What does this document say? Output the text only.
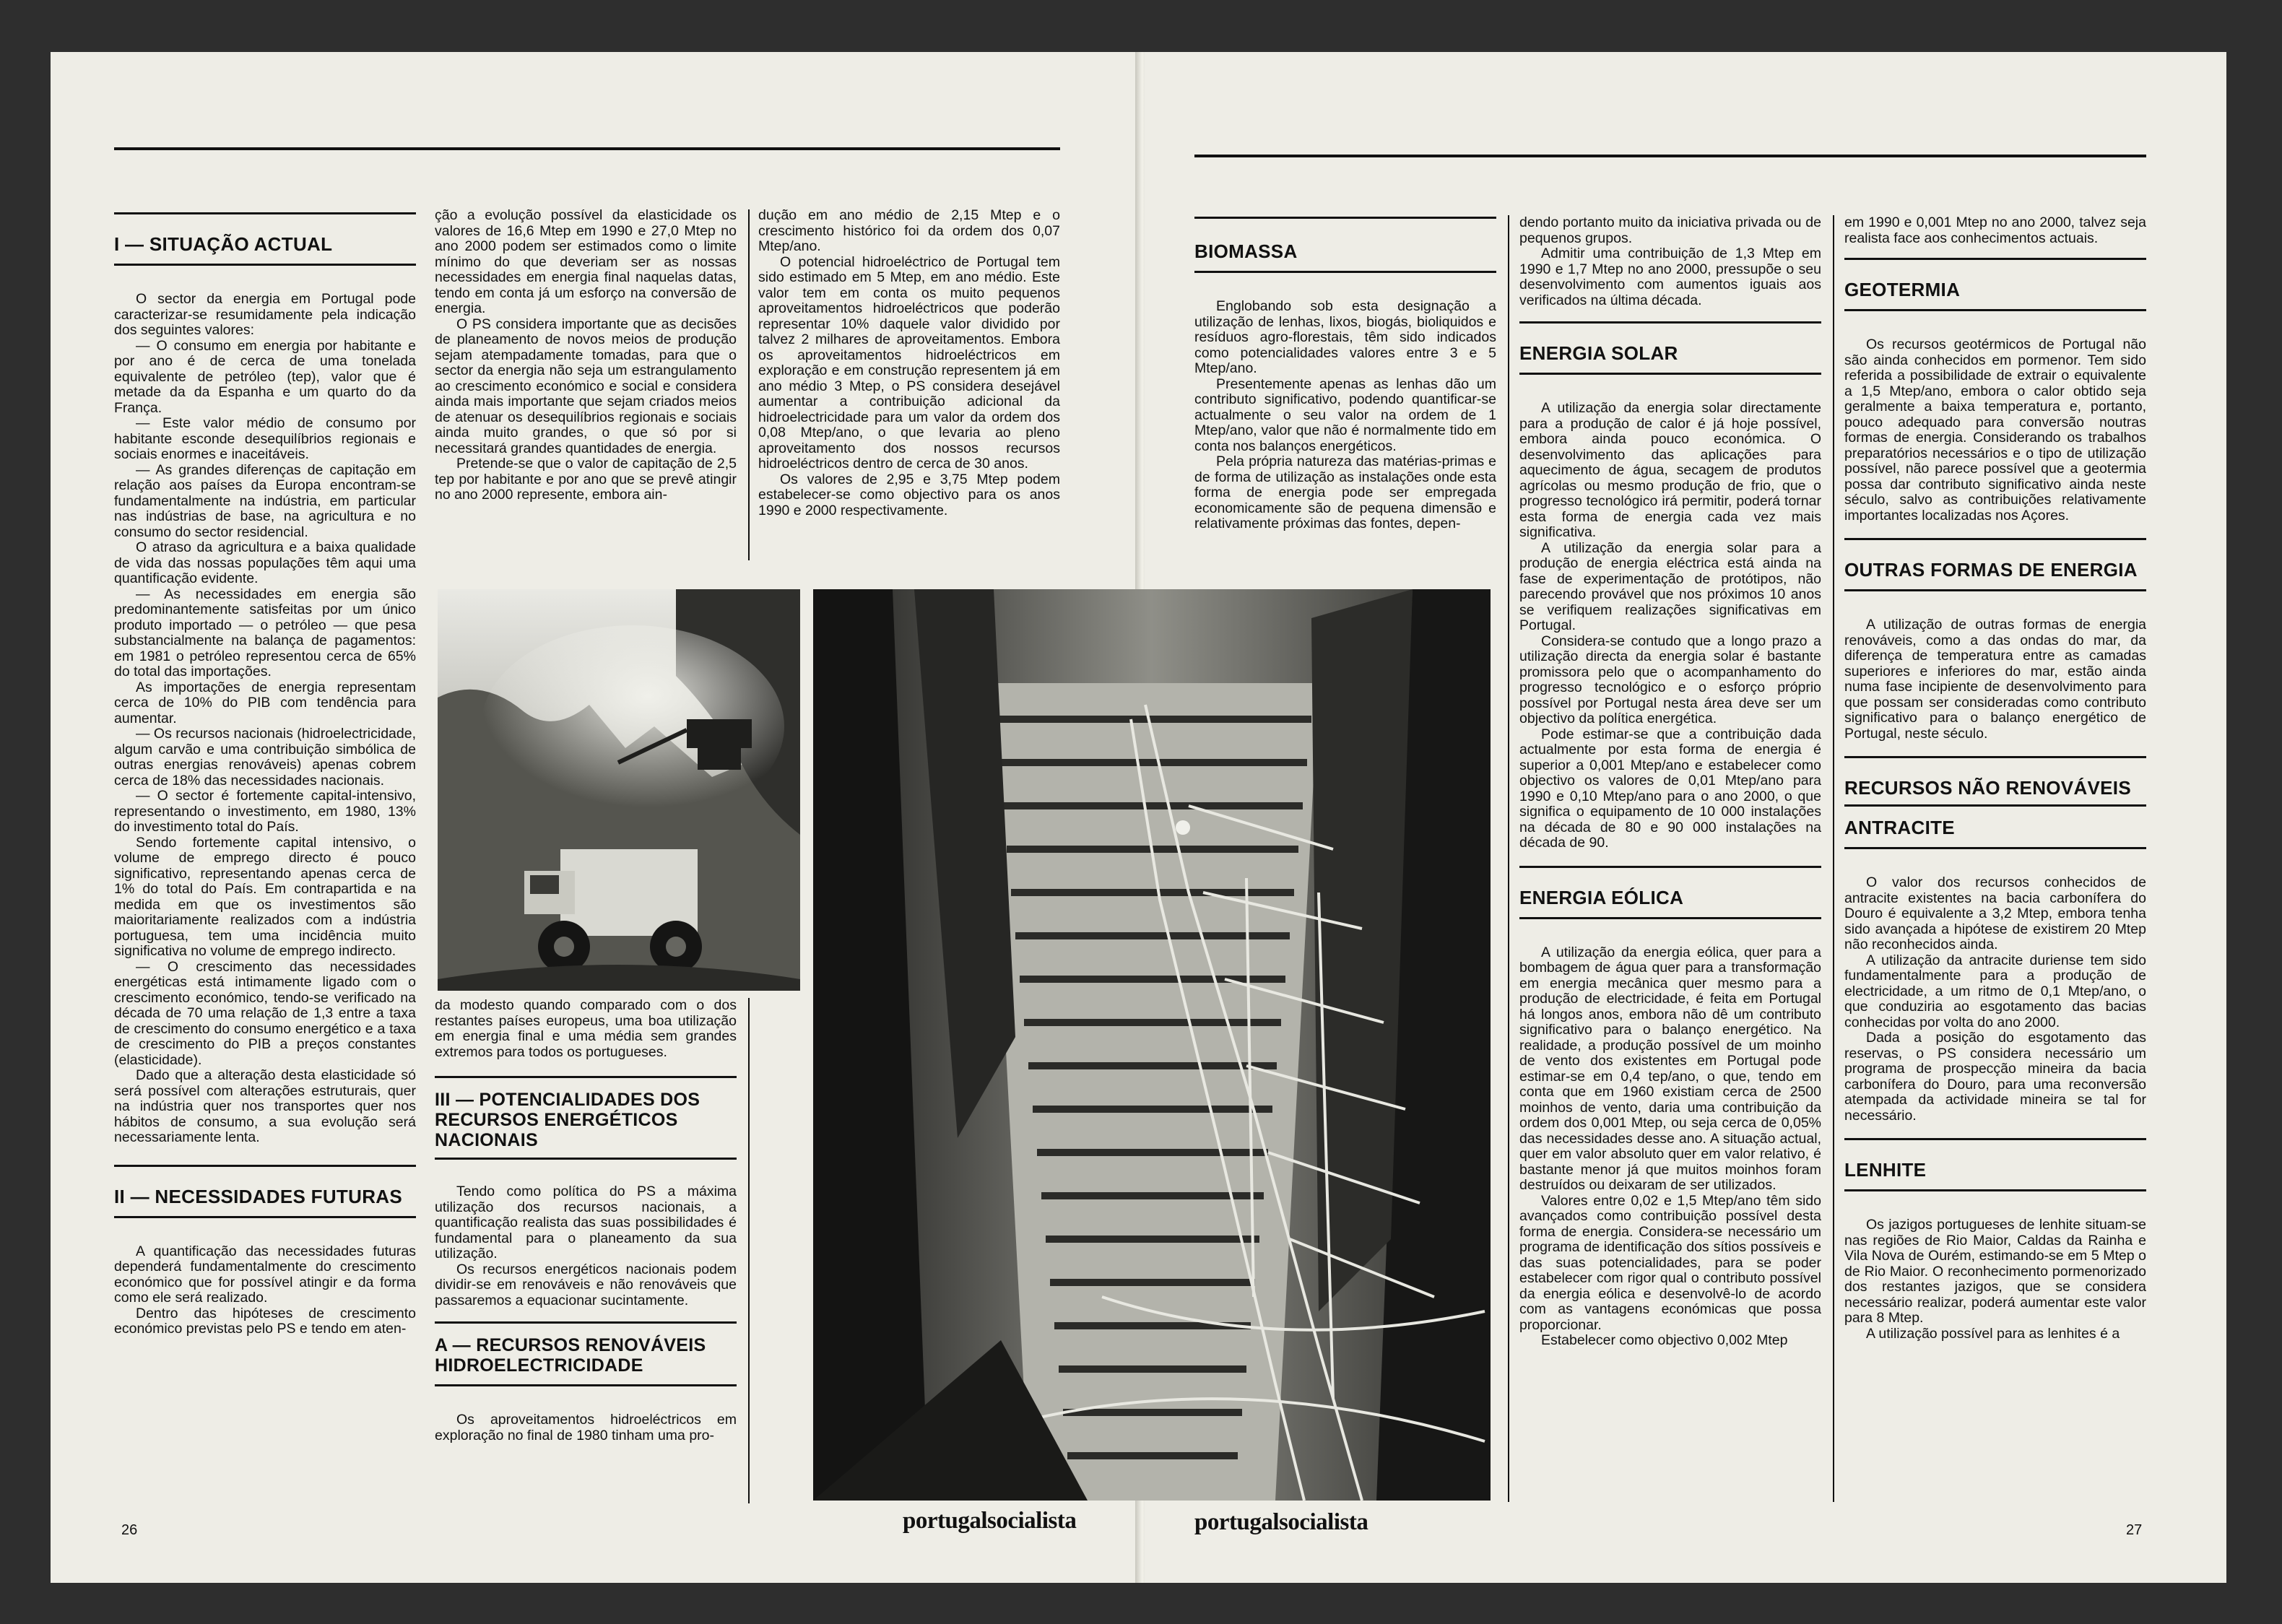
I — SITUAÇÃO ACTUAL

O sector da energia em Portugal pode caracterizar-se resumidamente pela indicação dos seguintes valores:

— O consumo em energia por habitante e por ano é de cerca de uma tonelada equivalente de petróleo (tep), valor que é metade da da Espanha e um quarto do da França.

— Este valor médio de consumo por habitante esconde desequilíbrios regionais e sociais enormes e inaceitáveis.

— As grandes diferenças de capitação em relação aos países da Europa encontram-se fundamentalmente na indústria, em particular nas indústrias de base, na agricultura e no consumo do sector residencial.

O atraso da agricultura e a baixa qualidade de vida das nossas populações têm aqui uma quantificação evidente.

— As necessidades em energia são predominantemente satisfeitas por um único produto importado — o petróleo — que pesa substancialmente na balança de pagamentos: em 1981 o petróleo representou cerca de 65% do total das importações.

As importações de energia representam cerca de 10% do PIB com tendência para aumentar.

— Os recursos nacionais (hidroelectricidade, algum carvão e uma contribuição simbólica de outras energias renováveis) apenas cobrem cerca de 18% das necessidades nacionais.

— O sector é fortemente capital-intensivo, representando o investimento, em 1980, 13% do investimento total do País.

Sendo fortemente capital intensivo, o volume de emprego directo é pouco significativo, representando apenas cerca de 1% do total do País. Em contrapartida e na medida em que os investimentos são maioritariamente realizados com a indústria portuguesa, tem uma incidência muito significativa no volume de emprego indirecto.

— O crescimento das necessidades energéticas está intimamente ligado com o crescimento económico, tendo-se verificado na década de 70 uma relação de 1,3 entre a taxa de crescimento do consumo energético e a taxa de crescimento do PIB a preços constantes (elasticidade).

Dado que a alteração desta elasticidade só será possível com alterações estruturais, quer na indústria quer nos transportes quer nos hábitos de consumo, a sua evolução será necessariamente lenta.

II — NECESSIDADES FUTURAS

A quantificação das necessidades futuras dependerá fundamentalmente do crescimento económico que for possível atingir e da forma como ele será realizado.

Dentro das hipóteses de crescimento económico previstas pelo PS e tendo em aten-

ção a evolução possível da elasticidade os valores de 16,6 Mtep em 1990 e 27,0 Mtep no ano 2000 podem ser estimados como o limite mínimo do que deveriam ser as nossas necessidades em energia final naquelas datas, tendo em conta já um esforço na conversão de energia.

O PS considera importante que as decisões de planeamento de novos meios de produção sejam atempadamente tomadas, para que o sector da energia não seja um estrangulamento ao crescimento económico e social e considera ainda mais importante que sejam criados meios de atenuar os desequilíbrios regionais e sociais ainda muito grandes, o que só por si necessitará grandes quantidades de energia.

Pretende-se que o valor de capitação de 2,5 tep por habitante e por ano que se prevê atingir no ano 2000 represente, embora ain-

dução em ano médio de 2,15 Mtep e o crescimento histórico foi da ordem dos 0,07 Mtep/ano.

O potencial hidroeléctrico de Portugal tem sido estimado em 5 Mtep, em ano médio. Este valor tem em conta os muito pequenos aproveitamentos hidroeléctricos que poderão representar 10% daquele valor dividido por talvez 2 milhares de aproveitamentos. Embora os aproveitamentos hidroeléctricos em exploração e em construção representem já em ano médio 3 Mtep, o PS considera desejável aumentar a contribuição adicional da hidroelectricidade para um valor da ordem dos 0,08 Mtep/ano, o que levaria ao pleno aproveitamento dos nossos recursos hidroeléctricos dentro de cerca de 30 anos.

Os valores de 2,95 e 3,75 Mtep podem estabelecer-se como objectivo para os anos 1990 e 2000 respectivamente.

da modesto quando comparado com o dos restantes países europeus, uma boa utilização em energia final e uma média sem grandes extremos para todos os portugueses.

III — POTENCIALIDADES DOS RECURSOS ENERGÉTICOS NACIONAIS

Tendo como política do PS a máxima utilização dos recursos nacionais, a quantificação realista das suas possibilidades é fundamental para o planeamento da sua utilização.

Os recursos energéticos nacionais podem dividir-se em renováveis e não renováveis que passaremos a equacionar sucintamente.

A — RECURSOS RENOVÁVEIS HIDROELECTRICIDADE

Os aproveitamentos hidroeléctricos em exploração no final de 1980 tinham uma pro-

26	portugalsocialista
BIOMASSA

Englobando sob esta designação a utilização de lenhas, lixos, biogás, bioliquidos e resíduos agro-florestais, têm sido indicados como potencialidades valores entre 3 e 5 Mtep/ano.

Presentemente apenas as lenhas dão um contributo significativo, podendo quantificar-se actualmente o seu valor na ordem de 1 Mtep/ano, valor que não é normalmente tido em conta nos balanços energéticos.

Pela própria natureza das matérias-primas e de forma de utilização as instalações onde esta forma de energia pode ser empregada economicamente são de pequena dimensão e relativamente próximas das fontes, depen-

dendo portanto muito da iniciativa privada ou de pequenos grupos.

Admitir uma contribuição de 1,3 Mtep em 1990 e 1,7 Mtep no ano 2000, pressupõe o seu desenvolvimento com aumentos iguais aos verificados na última década.

ENERGIA SOLAR

A utilização da energia solar directamente para a produção de calor é já hoje possível, embora ainda pouco económica. O desenvolvimento das aplicações para aquecimento de água, secagem de produtos agrícolas ou mesmo produção de frio, que o progresso tecnológico irá permitir, poderá tornar esta forma de energia cada vez mais significativa.

A utilização da energia solar para a produção de energia eléctrica está ainda na fase de experimentação de protótipos, não parecendo provável que nos próximos 10 anos se verifiquem realizações significativas em Portugal.

Considera-se contudo que a longo prazo a utilização directa da energia solar é bastante promissora pelo que o acompanhamento do progresso tecnológico e o esforço próprio possível por Portugal nesta área deve ser um objectivo da política energética.

Pode estimar-se que a contribuição dada actualmente por esta forma de energia é superior a 0,001 Mtep/ano e estabelecer como objectivo os valores de 0,01 Mtep/ano para 1990 e 0,10 Mtep/ano para o ano 2000, o que significa o equipamento de 10 000 instalações na década de 80 e 90 000 instalações na década de 90.

ENERGIA EÓLICA

A utilização da energia eólica, quer para a bombagem de água quer para a transformação em energia mecânica quer mesmo para a produção de electricidade, é feita em Portugal há longos anos, embora não dê um contributo significativo para o balanço energético. Na realidade, a produção possível de um moinho de vento dos existentes em Portugal pode estimar-se em 0,4 tep/ano, o que, tendo em conta que em 1960 existiam cerca de 2500 moinhos de vento, daria uma contribuição da ordem dos 0,001 Mtep, ou seja cerca de 0,05% das necessidades desse ano. A situação actual, quer em valor absoluto quer em valor relativo, é bastante menor já que muitos moinhos foram destruídos ou deixaram de ser utilizados.

Valores entre 0,02 e 1,5 Mtep/ano têm sido avançados como contribuição possível desta forma de energia. Considera-se necessário um programa de identificação dos sítios possíveis e das suas potencialidades, para se poder estabelecer com rigor qual o contributo possível da energia eólica e desenvolvê-lo de acordo com as vantagens económicas que possa proporcionar.

Estabelecer como objectivo 0,002 Mtep

em 1990 e 0,001 Mtep no ano 2000, talvez seja realista face aos conhecimentos actuais.

GEOTERMIA

Os recursos geotérmicos de Portugal não são ainda conhecidos em pormenor. Tem sido referida a possibilidade de extrair o equivalente a 1,5 Mtep/ano, embora o calor obtido seja geralmente a baixa temperatura e, portanto, pouco adequado para conversão noutras formas de energia. Considerando os trabalhos preparatórios necessários e o tipo de utilização possível, não parece possível que a geotermia possa dar contributo significativo ainda neste século, salvo as contribuições relativamente importantes localizadas nos Açores.

OUTRAS FORMAS DE ENERGIA

A utilização de outras formas de energia renováveis, como a das ondas do mar, da diferença de temperatura entre as camadas superiores e inferiores do mar, estão ainda numa fase incipiente de desenvolvimento para que possam ser consideradas como contributo significativo para o balanço energético de Portugal, neste século.

RECURSOS NÃO RENOVÁVEIS
ANTRACITE

O valor dos recursos conhecidos de antracite existentes na bacia carbonífera do Douro é equivalente a 3,2 Mtep, embora tenha sido avançada a hipótese de existirem 20 Mtep não reconhecidos ainda.

A utilização da antracite duriense tem sido fundamentalmente para a produção de electricidade, a um ritmo de 0,1 Mtep/ano, o que conduziria ao esgotamento das bacias conhecidas por volta do ano 2000.

Dada a posição do esgotamento das reservas, o PS considera necessário um programa de prospecção mineira da bacia carbonífera do Douro, para uma reconversão atempada da actividade mineira se tal for necessário.

LENHITE

Os jazigos portugueses de lenhite situam-se nas regiões de Rio Maior, Caldas da Rainha e Vila Nova de Ourém, estimando-se em 5 Mtep o de Rio Maior. O reconhecimento pormenorizado dos restantes jazigos, que se considera necessário realizar, poderá aumentar este valor para 8 Mtep.

A utilização possível para as lenhites é a

portugalsocialista	27
